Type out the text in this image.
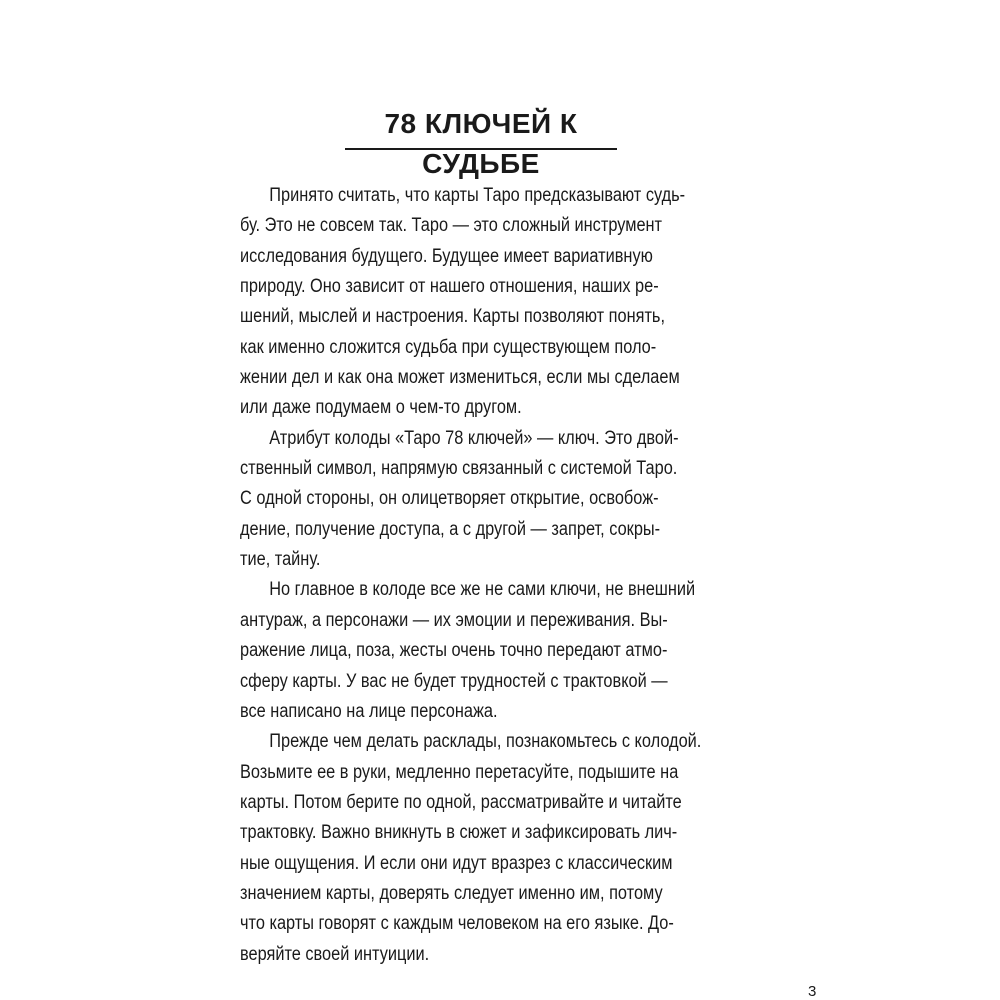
78 КЛЮЧЕЙ К СУДЬБЕ
Принято считать, что карты Таро предсказывают судь-
бу. Это не совсем так. Таро — это сложный инструмент
исследования будущего. Будущее имеет вариативную
природу. Оно зависит от нашего отношения, наших ре-
шений, мыслей и настроения. Карты позволяют понять,
как именно сложится судьба при существующем поло-
жении дел и как она может измениться, если мы сделаем
или даже подумаем о чем-то другом.
Атрибут колоды «Таро 78 ключей» — ключ. Это двой-
ственный символ, напрямую связанный с системой Таро.
С одной стороны, он олицетворяет открытие, освобож-
дение, получение доступа, а с другой — запрет, сокры-
тие, тайну.
Но главное в колоде все же не сами ключи, не внешний
антураж, а персонажи — их эмоции и переживания. Вы-
ражение лица, поза, жесты очень точно передают атмо-
сферу карты. У вас не будет трудностей с трактовкой —
все написано на лице персонажа.
Прежде чем делать расклады, познакомьтесь с колодой.
Возьмите ее в руки, медленно перетасуйте, подышите на
карты. Потом берите по одной, рассматривайте и читайте
трактовку. Важно вникнуть в сюжет и зафиксировать лич-
ные ощущения. И если они идут вразрез с классическим
значением карты, доверять следует именно им, потому
что карты говорят с каждым человеком на его языке. До-
веряйте своей интуиции.
3
